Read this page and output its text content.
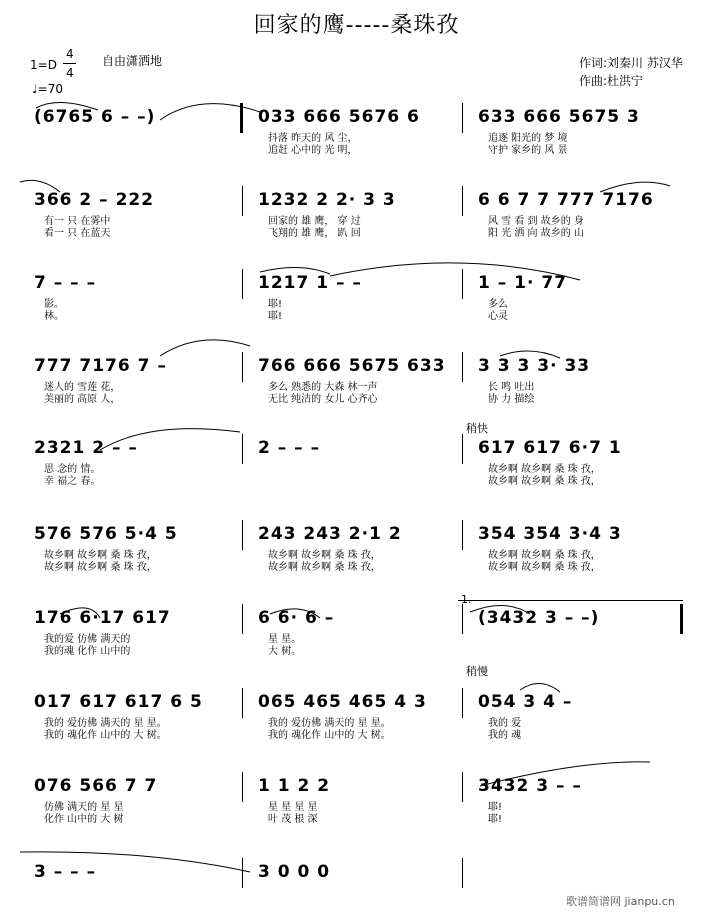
回家的鹰-----桑珠孜
1=D
4
4
♩=70
自由潇洒地	作词:刘秦川 苏汉华
作曲:杜洪宁
(6765 6 – –)	033 666 5676 6
抖落 昨天的 风 尘，
追赶 心中的 光 明，
633 666 5675 3
追逐 阳光的 梦 境
守护 家乡的 风 景
366 2 – 222
有一 只 在雾中
看一 只 在蓝天
1232 2 2· 3 3
回家的 雄 鹰， 穿 过
飞翔的 雄 鹰， 趴 回
6 6 7 7 777 7176
风 雪 看 到 故乡的 身
阳 光 洒 向 故乡的 山
7 – – –
影。
林。
1217 1 – –
耶!
耶!
1 – 1· 77
多么
心灵
777 7176 7 –
迷人的 雪莲 花，
美丽的 高原 人，
766 666 5675 633
多么 熟悉的 大森 林一声
无比 纯洁的 女儿 心齐心
3 3 3 3· 33
长 鸣 吐出
协 力 描绘
2321 2 – –
思 念的 情。
幸 福之 春。
2 – – –	617 617 6·7 1
故乡啊 故乡啊 桑 珠 孜，
故乡啊 故乡啊 桑 珠 孜，
576 576 5·4 5
故乡啊 故乡啊 桑 珠 孜，
故乡啊 故乡啊 桑 珠 孜，
243 243 2·1 2
故乡啊 故乡啊 桑 珠 孜，
故乡啊 故乡啊 桑 珠 孜，
354 354 3·4 3
故乡啊 故乡啊 桑 珠 孜，
故乡啊 故乡啊 桑 珠 孜，
176 6·17 617
我的爱 仿佛 满天的
我的魂 化作 山中的
6 6· 6 –
星 星。
大 树。
(3432 3 – –)
017 617 617 6 5
我的 爱仿佛 满天的 星 星。
我的 魂化作 山中的 大 树。
065 465 465 4 3
我的 爱仿佛 满天的 星 星。
我的 魂化作 山中的 大 树。
054 3 4 –
我的 爱
我的 魂
076 566 7 7
仿佛 满天的 星 星
化作 山中的 大 树
1 1 2 2
星 星 星 星
叶 茂 根 深
3432 3 – –
耶!
耶!
3 – – –	3 0 0 0
稍快
稍慢
歌谱简谱网 jianpu.cn
